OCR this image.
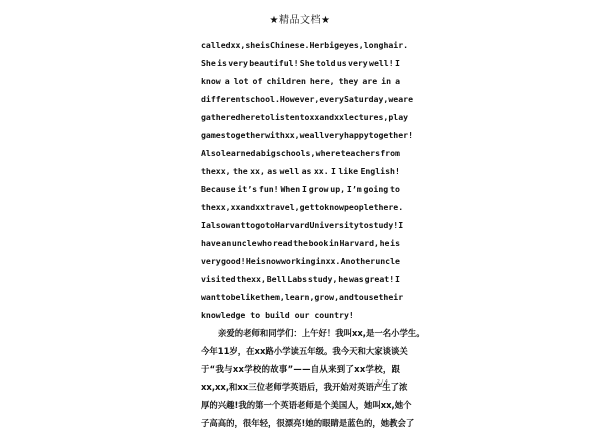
★精品文档★
called xx, she is Chinese. Her big eyes, long hair.
She is very beautiful! She told us very well! I
know a lot of children here, they are in a
different school. However, every Saturday, we are
gathered here to listen to xx and xx lectures, play
games together with xx, we all very happy together!
Also learned a big schools, where teachers from
thexx, the xx, as well as xx. I like English!
Because it’s fun! When I grow up, I’m going to
thexx, xx and xx travel, get to know people there.
I also want to go to Harvard University to study! I
have an uncle who read the book in Harvard, he is
very good! He is now working inxx. Another uncle
visited thexx, Bell Labs study, he was great! I
want to be like them, learn, grow, and to use their
knowledge to build our country!
亲爱的老师和同学们：上午好！我叫xx,是一名小学生。
今 年 1 1 岁 ， 在 x x 路 小 学 读 五 年 级 。 我 今 天 和 大 家 谈 谈 关
于 “ 我 与 x x 学 校 的 故 事 ” — — 自 从 来 到 了 x x 学 校 ， 跟
x x , x x , 和 x x 三 位 老 师 学 英 语 后 ， 我 开 始 对 英 语 产 生 了 浓
厚 的 兴 趣 ! 我 的 第 一 个 英 语 老 师 是 个 美 国 人 ， 她 叫 x x , 她 个
子 高 高 的 ， 很 年 轻 ， 很 漂 亮 ! 她 的 眼 睛 是 蓝 色 的 ， 她 教 会 了
2 / 4
